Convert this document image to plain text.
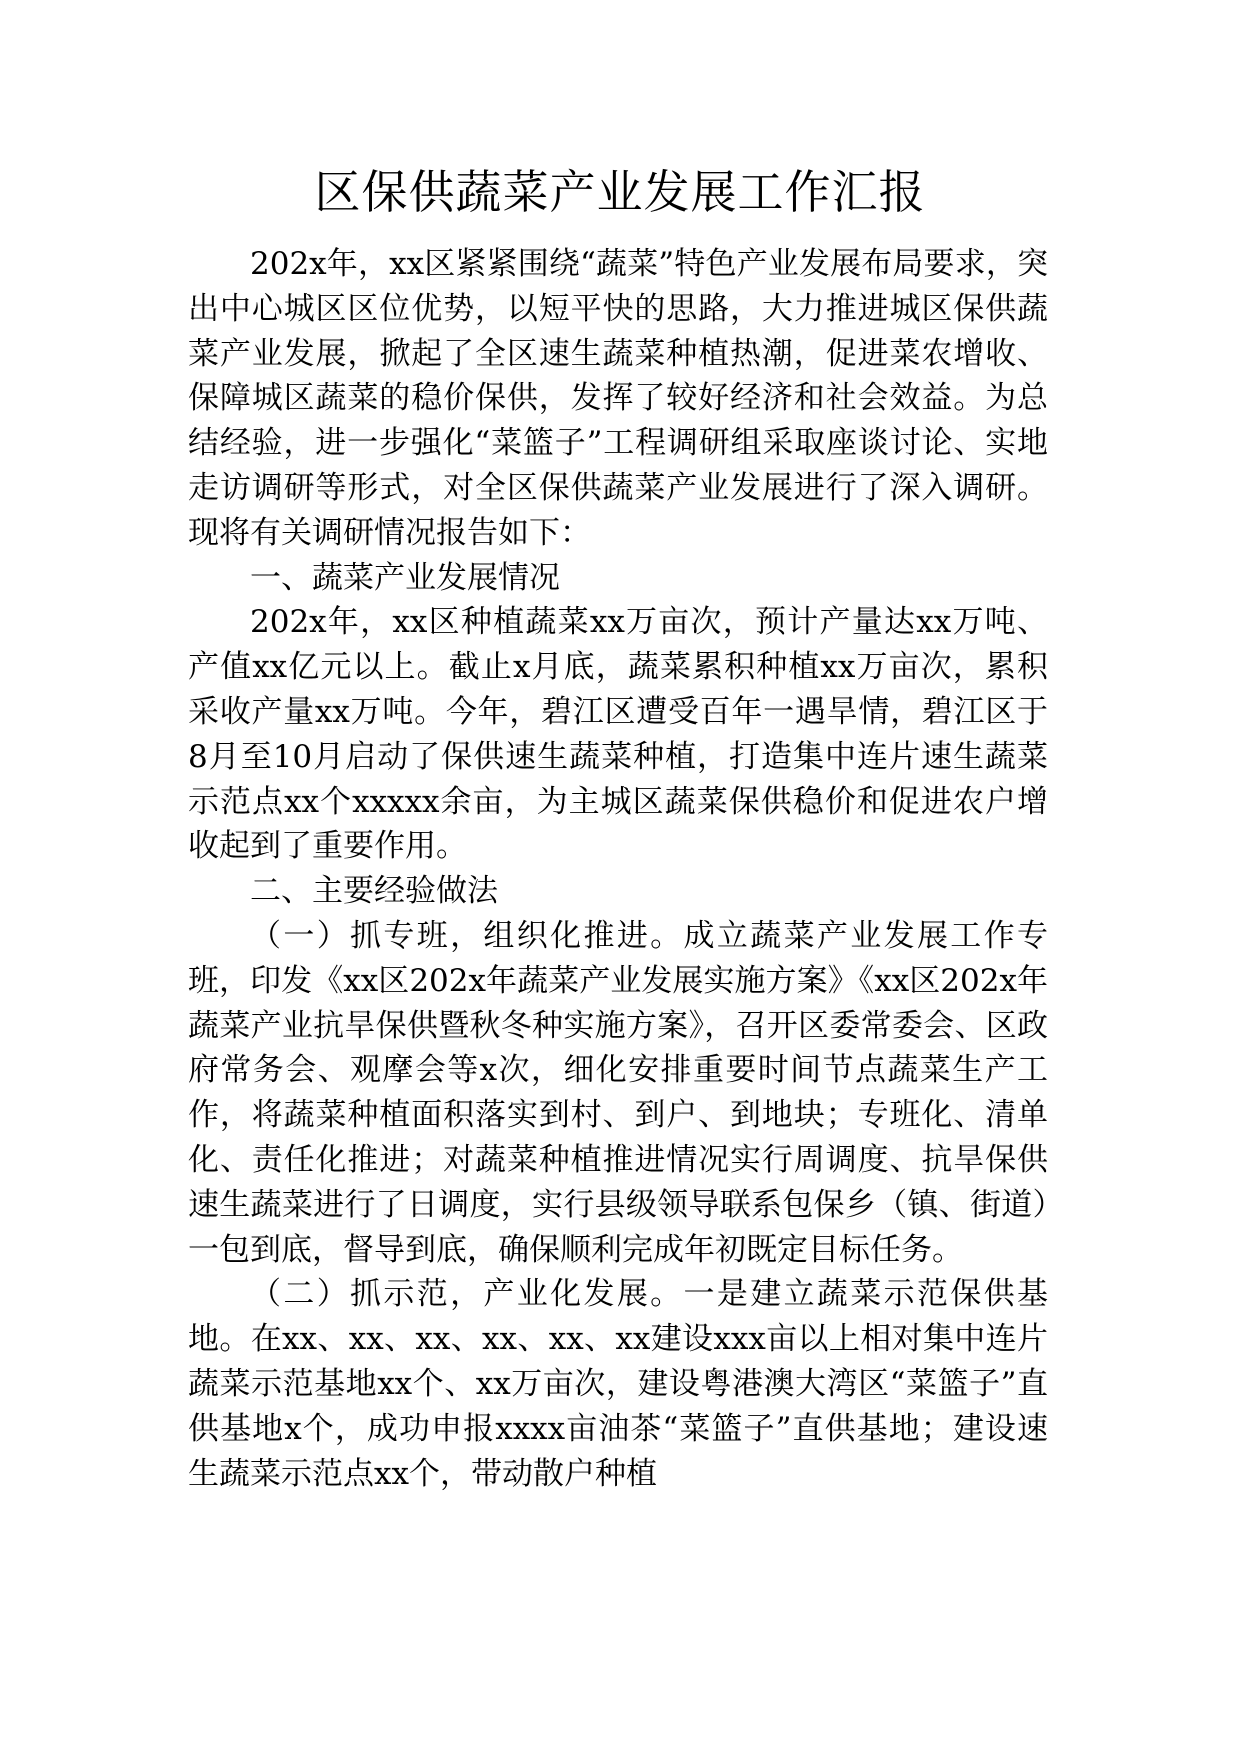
区保供蔬菜产业发展工作汇报

202x年，xx区紧紧围绕“蔬菜”特色产业发展布局要求，突出中心城区区位优势，以短平快的思路，大力推进城区保供蔬菜产业发展，掀起了全区速生蔬菜种植热潮，促进菜农增收、保障城区蔬菜的稳价保供，发挥了较好经济和社会效益。为总结经验，进一步强化“菜篮子”工程调研组采取座谈讨论、实地走访调研等形式，对全区保供蔬菜产业发展进行了深入调研。现将有关调研情况报告如下：

一、蔬菜产业发展情况

202x年，xx区种植蔬菜xx万亩次，预计产量达xx万吨、产值xx亿元以上。截止x月底，蔬菜累积种植xx万亩次，累积采收产量xx万吨。今年，碧江区遭受百年一遇旱情，碧江区于8月至10月启动了保供速生蔬菜种植，打造集中连片速生蔬菜示范点xx个xxxxx余亩，为主城区蔬菜保供稳价和促进农户增收起到了重要作用。

二、主要经验做法

（一）抓专班，组织化推进。成立蔬菜产业发展工作专班，印发《xx区202x年蔬菜产业发展实施方案》《xx区202x年蔬菜产业抗旱保供暨秋冬种实施方案》，召开区委常委会、区政府常务会、观摩会等x次，细化安排重要时间节点蔬菜生产工作，将蔬菜种植面积落实到村、到户、到地块；专班化、清单化、责任化推进；对蔬菜种植推进情况实行周调度、抗旱保供速生蔬菜进行了日调度，实行县级领导联系包保乡（镇、街道）一包到底，督导到底，确保顺利完成年初既定目标任务。

（二）抓示范，产业化发展。一是建立蔬菜示范保供基地。在xx、xx、xx、xx、xx、xx建设xxx亩以上相对集中连片蔬菜示范基地xx个、xx万亩次，建设粤港澳大湾区“菜篮子”直供基地x个，成功申报xxxx亩油茶“菜篮子”直供基地；建设速生蔬菜示范点xx个，带动散户种植
